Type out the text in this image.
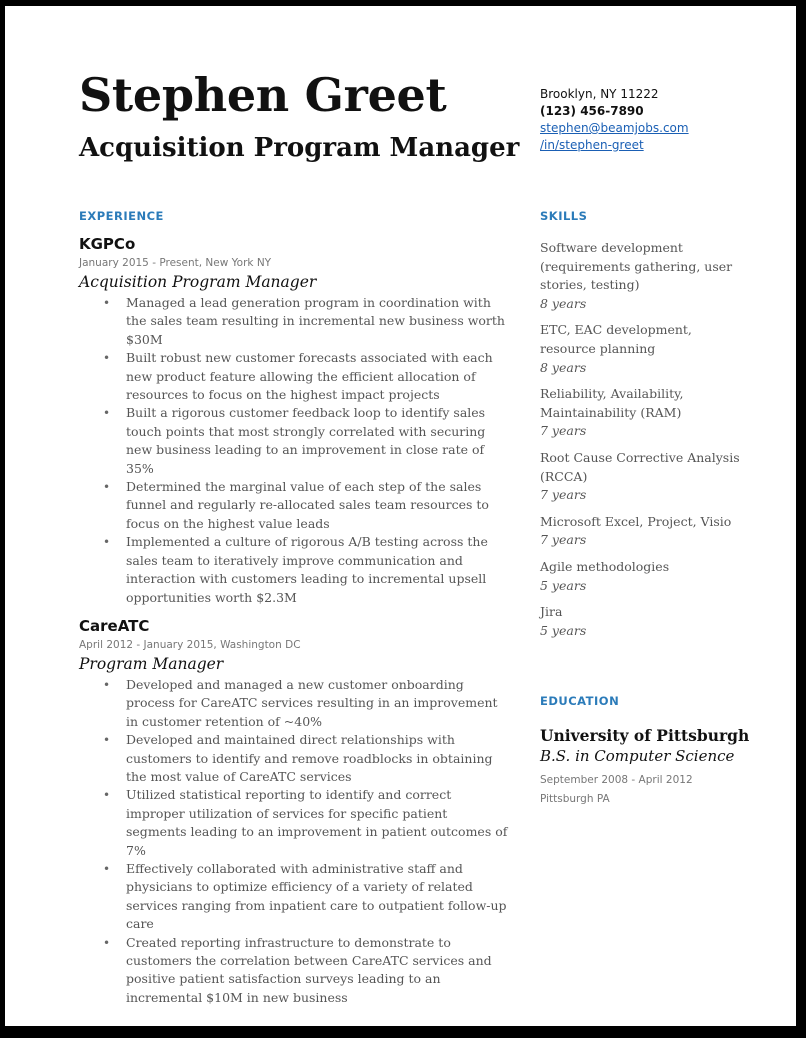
Stephen Greet
Acquisition Program Manager
Brooklyn, NY 11222
(123) 456-7890
stephen@beamjobs.com
/in/stephen-greet
EXPERIENCE
KGPCo
January 2015 - Present, New York NY
Acquisition Program Manager
• Managed a lead generation program in coordination with the sales team resulting in incremental new business worth $30M
• Built robust new customer forecasts associated with each new product feature allowing the efficient allocation of resources to focus on the highest impact projects
• Built a rigorous customer feedback loop to identify sales touch points that most strongly correlated with securing new business leading to an improvement in close rate of 35%
• Determined the marginal value of each step of the sales funnel and regularly re-allocated sales team resources to focus on the highest value leads
• Implemented a culture of rigorous A/B testing across the sales team to iteratively improve communication and interaction with customers leading to incremental upsell opportunities worth $2.3M
CareATC
April 2012 - January 2015, Washington DC
Program Manager
• Developed and managed a new customer onboarding process for CareATC services resulting in an improvement in customer retention of ~40%
• Developed and maintained direct relationships with customers to identify and remove roadblocks in obtaining the most value of CareATC services
• Utilized statistical reporting to identify and correct improper utilization of services for specific patient segments leading to an improvement in patient outcomes of 7%
• Effectively collaborated with administrative staff and physicians to optimize efficiency of a variety of related services ranging from inpatient care to outpatient follow-up care
• Created reporting infrastructure to demonstrate to customers the correlation between CareATC services and positive patient satisfaction surveys leading to an incremental $10M in new business
SKILLS
Software development (requirements gathering, user stories, testing)
8 years
ETC, EAC development, resource planning
8 years
Reliability, Availability, Maintainability (RAM)
7 years
Root Cause Corrective Analysis (RCCA)
7 years
Microsoft Excel, Project, Visio
7 years
Agile methodologies
5 years
Jira
5 years
EDUCATION
University of Pittsburgh
B.S. in Computer Science
September 2008 - April 2012
Pittsburgh PA
